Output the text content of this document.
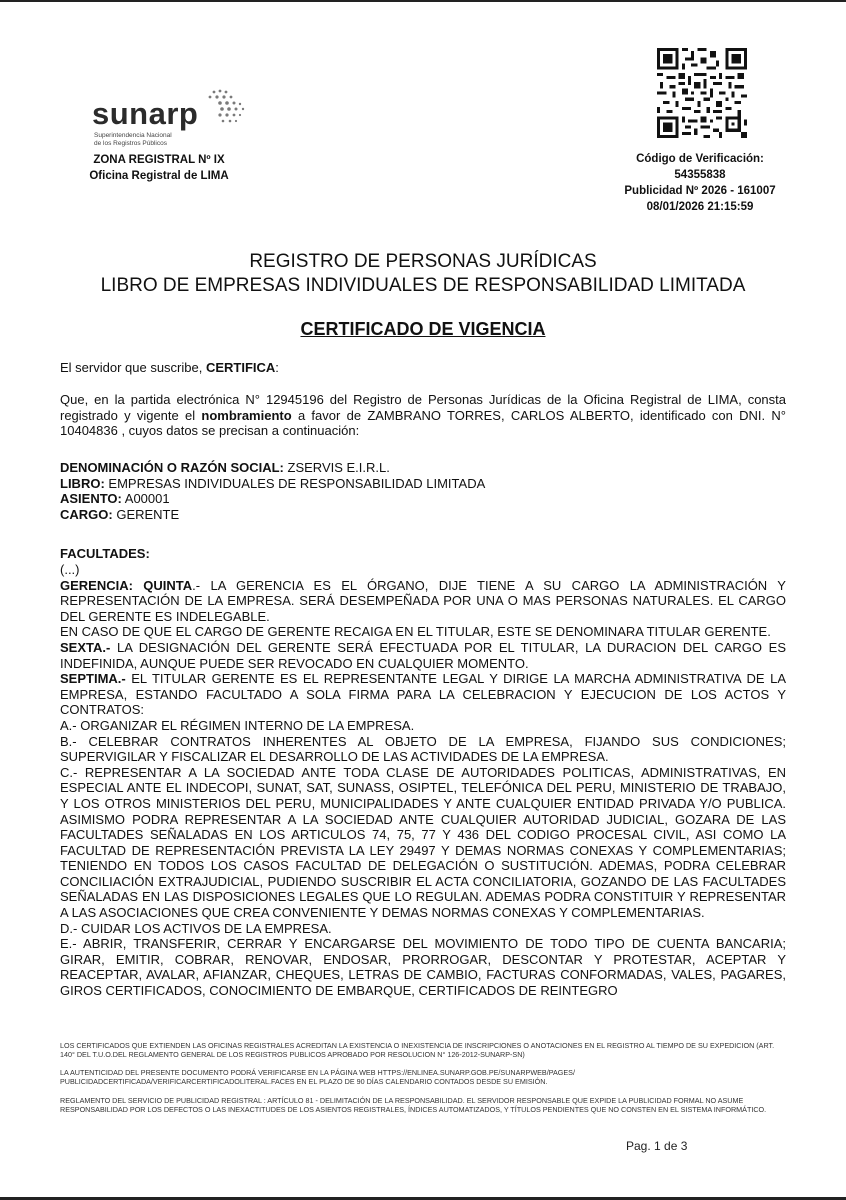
sunarp
Superintendencia Nacional
de los Registros Públicos
ZONA REGISTRAL Nº IX
Oficina Registral de LIMA
Código de Verificación:
54355838
Publicidad Nº 2026 - 161007
08/01/2026 21:15:59
REGISTRO DE PERSONAS JURÍDICAS
LIBRO DE EMPRESAS INDIVIDUALES DE RESPONSABILIDAD LIMITADA
CERTIFICADO DE VIGENCIA
El servidor que suscribe, CERTIFICA:
Que, en la partida electrónica N° 12945196 del Registro de Personas Jurídicas de la Oficina Registral de LIMA, consta registrado y vigente el nombramiento a favor de ZAMBRANO TORRES, CARLOS ALBERTO, identificado con DNI. N° 10404836 , cuyos datos se precisan a continuación:
DENOMINACIÓN O RAZÓN SOCIAL: ZSERVIS E.I.R.L.
LIBRO: EMPRESAS INDIVIDUALES DE RESPONSABILIDAD LIMITADA
ASIENTO: A00001
CARGO: GERENTE
FACULTADES:
(...)
GERENCIA: QUINTA.- LA GERENCIA ES EL ÓRGANO, DIJE TIENE A SU CARGO LA ADMINISTRACIÓN Y REPRESENTACIÓN DE LA EMPRESA. SERÁ DESEMPEÑADA POR UNA O MAS PERSONAS NATURALES. EL CARGO DEL GERENTE ES INDELEGABLE.
EN CASO DE QUE EL CARGO DE GERENTE RECAIGA EN EL TITULAR, ESTE SE DENOMINARA TITULAR GERENTE.
SEXTA.- LA DESIGNACIÓN DEL GERENTE SERÁ EFECTUADA POR EL TITULAR, LA DURACION DEL CARGO ES INDEFINIDA, AUNQUE PUEDE SER REVOCADO EN CUALQUIER MOMENTO.
SEPTIMA.- EL TITULAR GERENTE ES EL REPRESENTANTE LEGAL Y DIRIGE LA MARCHA ADMINISTRATIVA DE LA EMPRESA, ESTANDO FACULTADO A SOLA FIRMA PARA LA CELEBRACION Y EJECUCION DE LOS ACTOS Y CONTRATOS:
A.- ORGANIZAR EL RÉGIMEN INTERNO DE LA EMPRESA.
B.- CELEBRAR CONTRATOS INHERENTES AL OBJETO DE LA EMPRESA, FIJANDO SUS CONDICIONES; SUPERVIGILAR Y FISCALIZAR EL DESARROLLO DE LAS ACTIVIDADES DE LA EMPRESA.
C.- REPRESENTAR A LA SOCIEDAD ANTE TODA CLASE DE AUTORIDADES POLITICAS, ADMINISTRATIVAS, EN ESPECIAL ANTE EL INDECOPI, SUNAT, SAT, SUNASS, OSIPTEL, TELEFÓNICA DEL PERU, MINISTERIO DE TRABAJO, Y LOS OTROS MINISTERIOS DEL PERU, MUNICIPALIDADES Y ANTE CUALQUIER ENTIDAD PRIVADA Y/O PUBLICA. ASIMISMO PODRA REPRESENTAR A LA SOCIEDAD ANTE CUALQUIER AUTORIDAD JUDICIAL, GOZARA DE LAS FACULTADES SEÑALADAS EN LOS ARTICULOS 74, 75, 77 Y 436 DEL CODIGO PROCESAL CIVIL, ASI COMO LA FACULTAD DE REPRESENTACIÓN PREVISTA LA LEY 29497 Y DEMAS NORMAS CONEXAS Y COMPLEMENTARIAS; TENIENDO EN TODOS LOS CASOS FACULTAD DE DELEGACIÓN O SUSTITUCIÓN. ADEMAS, PODRA CELEBRAR CONCILIACIÓN EXTRAJUDICIAL, PUDIENDO SUSCRIBIR EL ACTA CONCILIATORIA, GOZANDO DE LAS FACULTADES SEÑALADAS EN LAS DISPOSICIONES LEGALES QUE LO REGULAN. ADEMAS PODRA CONSTITUIR Y REPRESENTAR A LAS ASOCIACIONES QUE CREA CONVENIENTE Y DEMAS NORMAS CONEXAS Y COMPLEMENTARIAS.
D.- CUIDAR LOS ACTIVOS DE LA EMPRESA.
E.- ABRIR, TRANSFERIR, CERRAR Y ENCARGARSE DEL MOVIMIENTO DE TODO TIPO DE CUENTA BANCARIA; GIRAR, EMITIR, COBRAR, RENOVAR, ENDOSAR, PRORROGAR, DESCONTAR Y PROTESTAR, ACEPTAR Y REACEPTAR, AVALAR, AFIANZAR, CHEQUES, LETRAS DE CAMBIO, FACTURAS CONFORMADAS, VALES, PAGARES, GIROS CERTIFICADOS, CONOCIMIENTO DE EMBARQUE, CERTIFICADOS DE REINTEGRO
LOS CERTIFICADOS QUE EXTIENDEN LAS OFICINAS REGISTRALES ACREDITAN LA EXISTENCIA O INEXISTENCIA DE INSCRIPCIONES O ANOTACIONES EN EL REGISTRO AL TIEMPO DE SU EXPEDICION (ART. 140° DEL T.U.O.DEL REGLAMENTO GENERAL DE LOS REGISTROS PUBLICOS APROBADO POR RESOLUCION N° 126-2012-SUNARP-SN)
LA AUTENTICIDAD DEL PRESENTE DOCUMENTO PODRÁ VERIFICARSE EN LA PÁGINA WEB HTTPS://ENLINEA.SUNARP.GOB.PE/SUNARPWEB/PAGES/ PUBLICIDADCERTIFICADA/VERIFICARCERTIFICADOLITERAL.FACES EN EL PLAZO DE 90 DÍAS CALENDARIO CONTADOS DESDE SU EMISIÓN.
REGLAMENTO DEL SERVICIO DE PUBLICIDAD REGISTRAL : ARTÍCULO 81 - DELIMITACIÓN DE LA RESPONSABILIDAD. EL SERVIDOR RESPONSABLE QUE EXPIDE LA PUBLICIDAD FORMAL NO ASUME RESPONSABILIDAD POR LOS DEFECTOS O LAS INEXACTITUDES DE LOS ASIENTOS REGISTRALES, ÍNDICES AUTOMATIZADOS, Y TÍTULOS PENDIENTES QUE NO CONSTEN EN EL SISTEMA INFORMÁTICO.
Pag. 1 de 3
